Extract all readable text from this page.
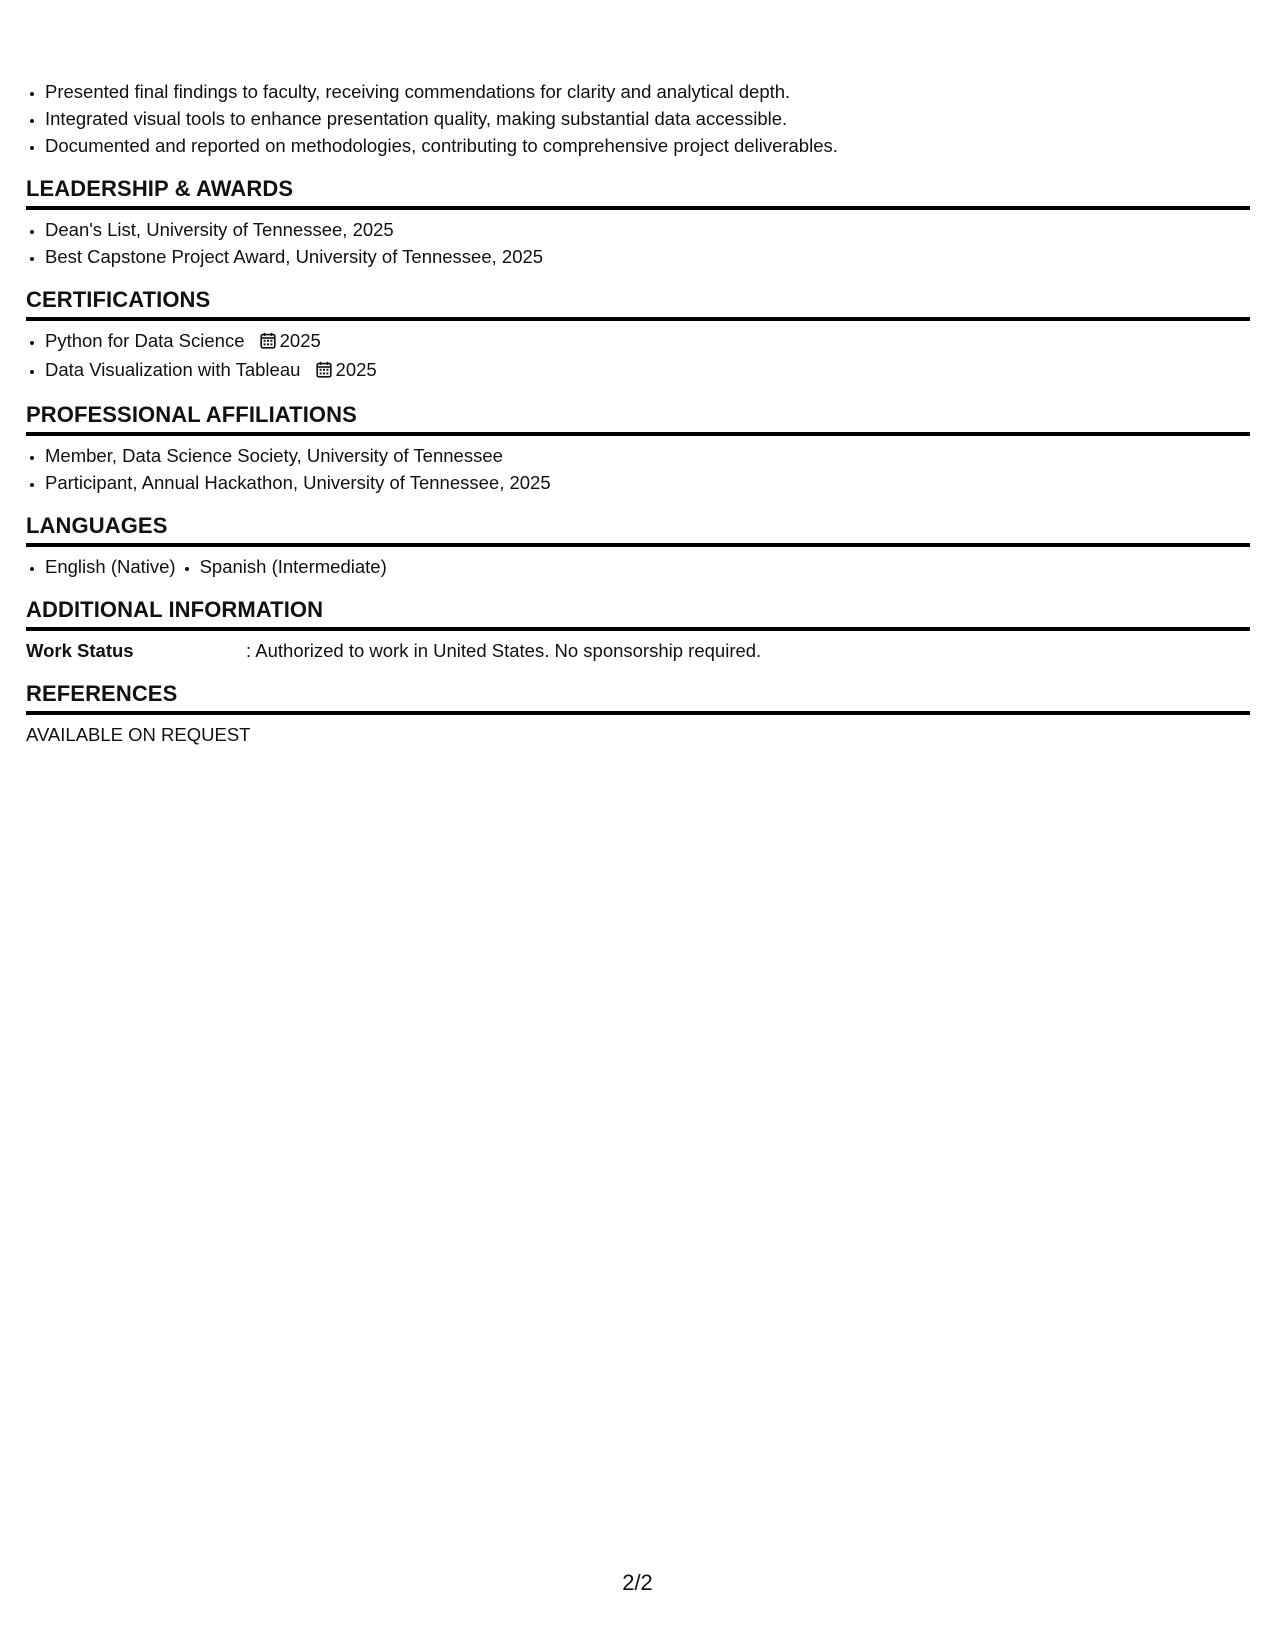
• Presented final findings to faculty, receiving commendations for clarity and analytical depth.
• Integrated visual tools to enhance presentation quality, making substantial data accessible.
• Documented and reported on methodologies, contributing to comprehensive project deliverables.
LEADERSHIP & AWARDS
• Dean's List, University of Tennessee, 2025
• Best Capstone Project Award, University of Tennessee, 2025
CERTIFICATIONS
• Python for Data Science 2025
• Data Visualization with Tableau 2025
PROFESSIONAL AFFILIATIONS
• Member, Data Science Society, University of Tennessee
• Participant, Annual Hackathon, University of Tennessee, 2025
LANGUAGES
• English (Native)
• Spanish (Intermediate)
ADDITIONAL INFORMATION
Work Status	: Authorized to work in United States. No sponsorship required.
REFERENCES
AVAILABLE ON REQUEST
2/2
